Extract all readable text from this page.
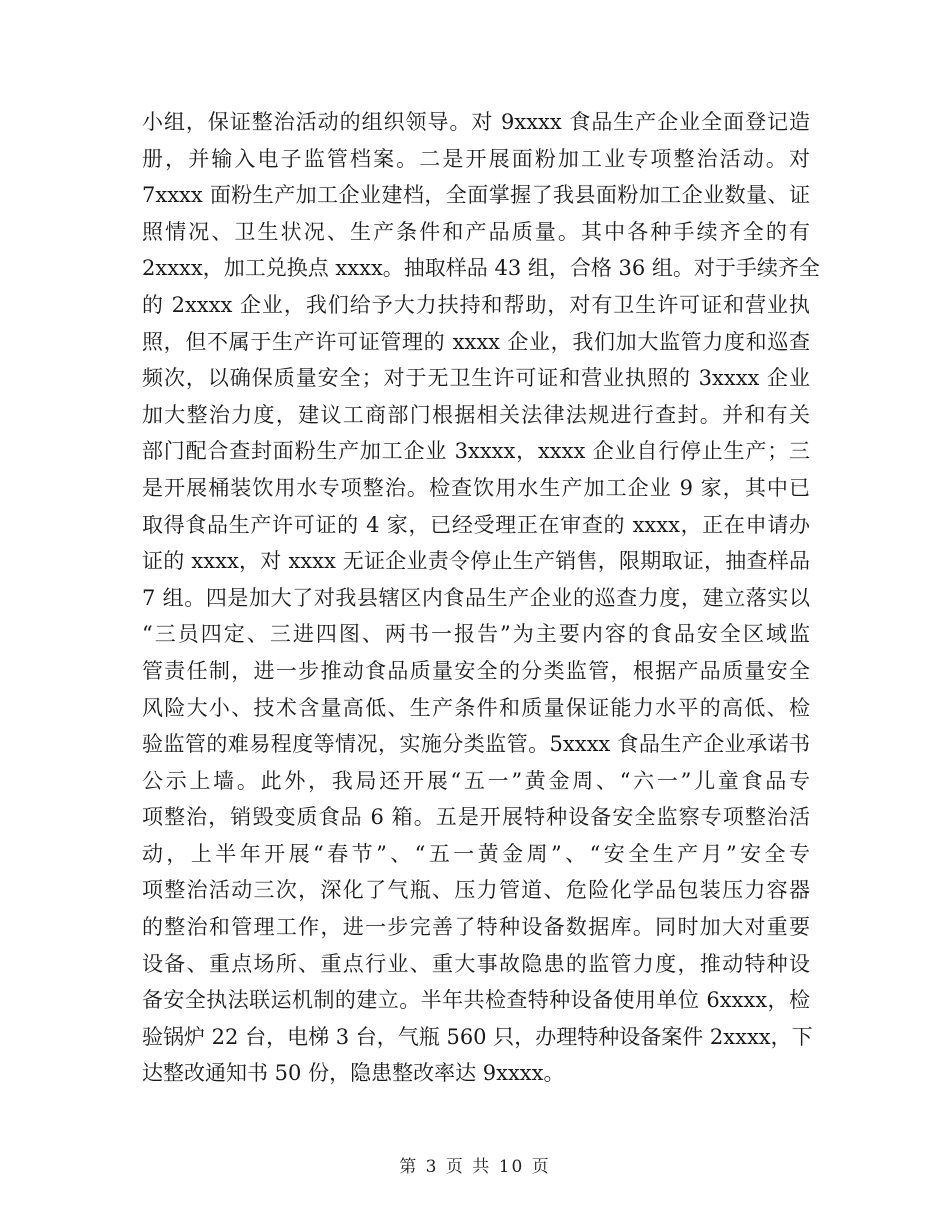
小组，保证整治活动的组织领导。对 9xxxx 食品生产企业全面登记造
册，并输入电子监管档案。二是开展面粉加工业专项整治活动。对
7xxxx 面粉生产加工企业建档，全面掌握了我县面粉加工企业数量、证
照情况、卫生状况、生产条件和产品质量。其中各种手续齐全的有
2xxxx，加工兑换点 xxxx。抽取样品 43 组，合格 36 组。对于手续齐全
的 2xxxx 企业，我们给予大力扶持和帮助，对有卫生许可证和营业执
照，但不属于生产许可证管理的 xxxx 企业，我们加大监管力度和巡查
频次，以确保质量安全；对于无卫生许可证和营业执照的 3xxxx 企业
加大整治力度，建议工商部门根据相关法律法规进行查封。并和有关
部门配合查封面粉生产加工企业 3xxxx，xxxx 企业自行停止生产；三
是开展桶装饮用水专项整治。检查饮用水生产加工企业 9 家，其中已
取得食品生产许可证的 4 家，已经受理正在审查的 xxxx，正在申请办
证的 xxxx，对 xxxx 无证企业责令停止生产销售，限期取证，抽查样品
7 组。四是加大了对我县辖区内食品生产企业的巡查力度，建立落实以
“三员四定、三进四图、两书一报告”为主要内容的食品安全区域监
管责任制，进一步推动食品质量安全的分类监管，根据产品质量安全
风险大小、技术含量高低、生产条件和质量保证能力水平的高低、检
验监管的难易程度等情况，实施分类监管。5xxxx 食品生产企业承诺书
公示上墙。此外，我局还开展“五一”黄金周、“六一”儿童食品专
项整治，销毁变质食品 6 箱。五是开展特种设备安全监察专项整治活
动，上半年开展“春节”、“五一黄金周”、“安全生产月”安全专
项整治活动三次，深化了气瓶、压力管道、危险化学品包装压力容器
的整治和管理工作，进一步完善了特种设备数据库。同时加大对重要
设备、重点场所、重点行业、重大事故隐患的监管力度，推动特种设
备安全执法联运机制的建立。半年共检查特种设备使用单位 6xxxx，检
验锅炉 22 台，电梯 3 台，气瓶 560 只，办理特种设备案件 2xxxx，下
达整改通知书 50 份，隐患整改率达 9xxxx。
第 3 页 共 10 页
